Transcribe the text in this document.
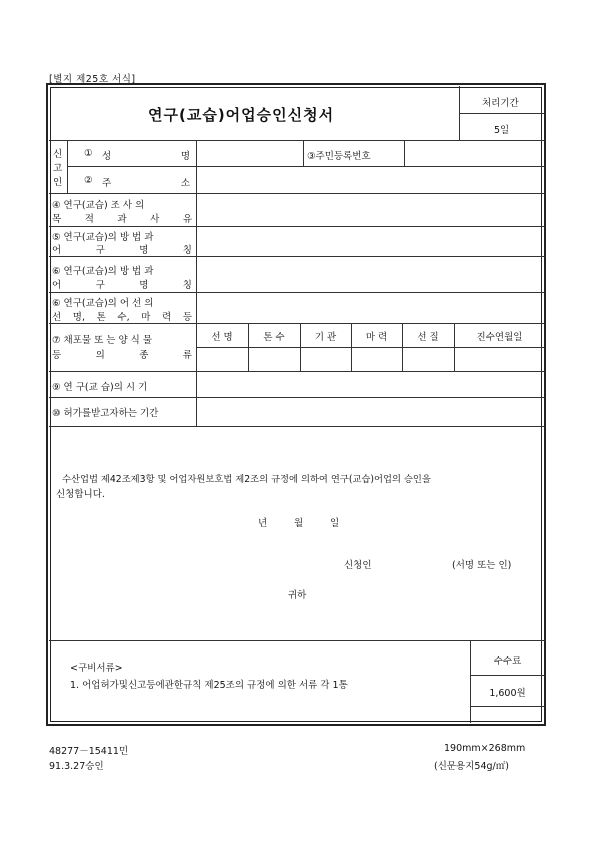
[별지 제25호 서식]
연구(교습)어업승인신청서
처리기간
5일
신
고
인
① 성	명	③주민등록번호
② 주	소
④ 연구(교습) 조 사 의
목 적 과 사 유
⑤ 연구(교습)의 방 법 과
어	구	명	칭
⑥ 연구(교습)의 방 법 과
어	구	명	칭
⑥ 연구(교습)의 어 선 의
선 명, 톤 수, 마 력 등
⑦ 채포물 또 는 양 식 물
등	의	종	류
선 명	톤 수	기 관	마 력	선 질	진수연월일
⑨ 연 구(교 습)의 시 기
⑩ 허가를받고자하는 기간
수산업법 제42조제3항 및 어업자원보호법 제2조의 규정에 의하여 연구(교습)어업의 승인을
신청합니다.
년	월	일
신청인	(서명 또는 인)
귀하
<구비서류>
1. 어업허가및신고등에관한규칙 제25조의 규정에 의한 서류 각 1통
수수료
1,600원
48277－15411민
91.3.27승인
190mm×268mm
(신문용지54g/㎡)
